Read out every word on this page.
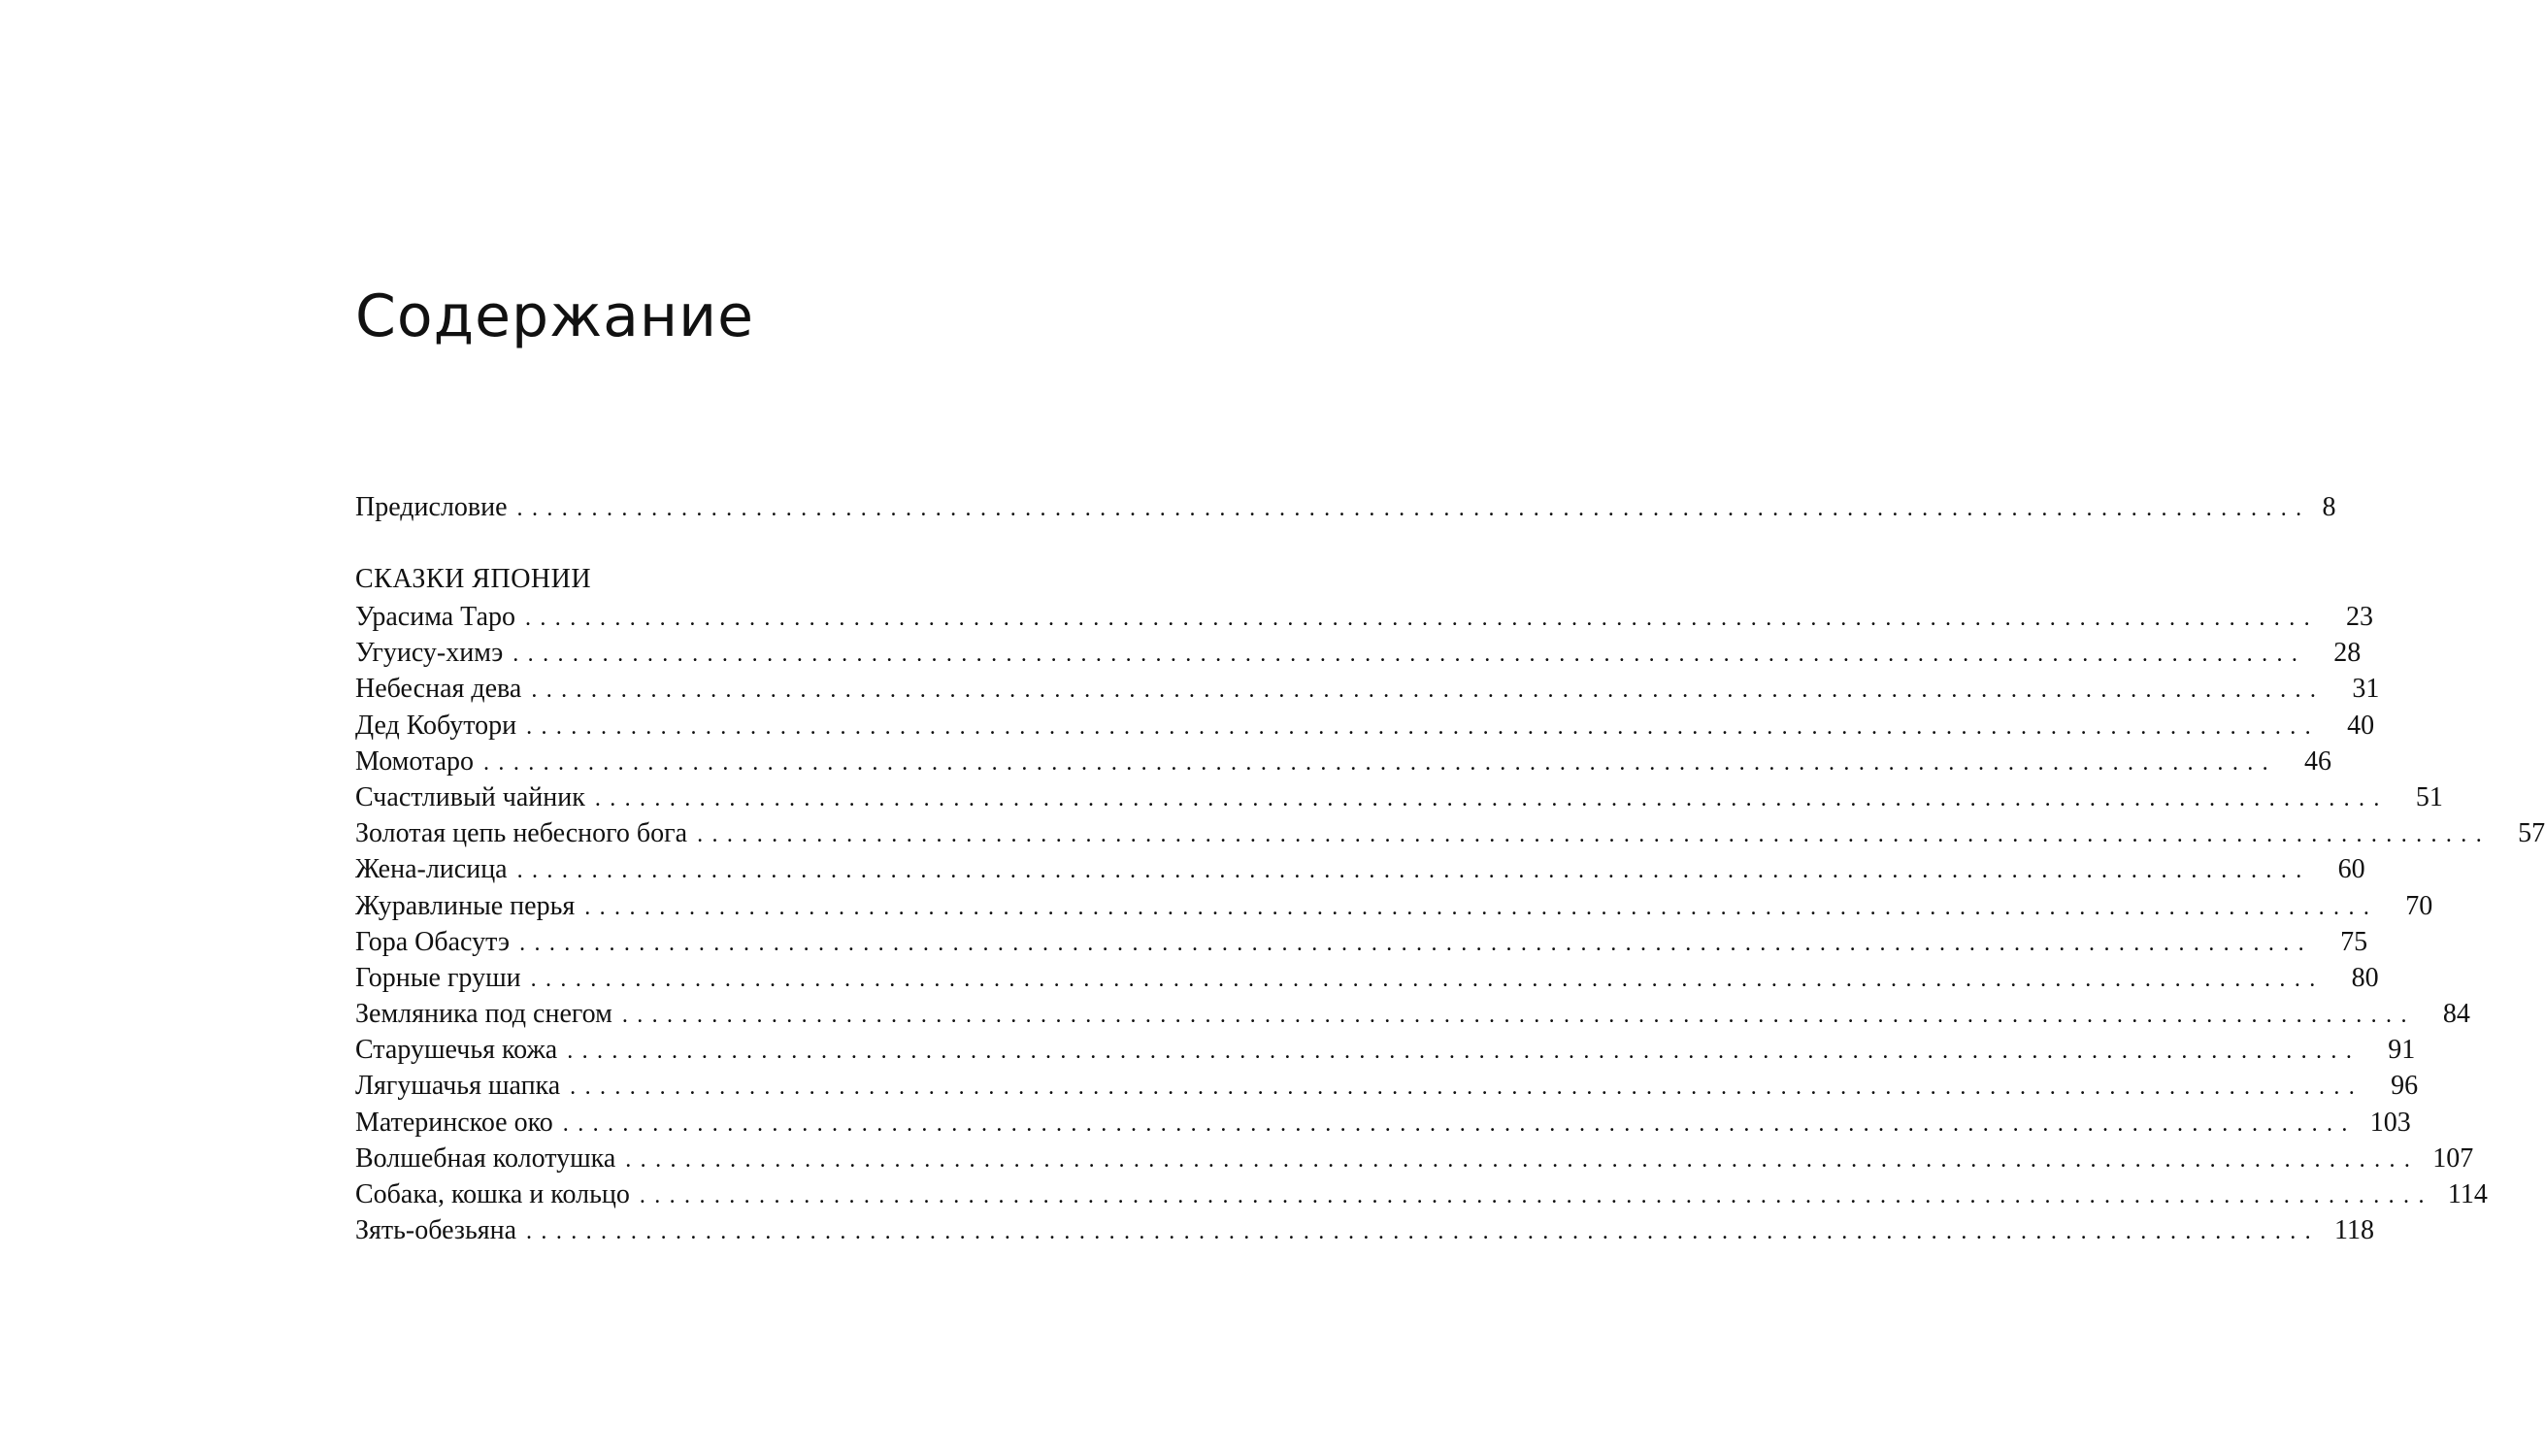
Содержание
Предисловие ........................................................................................................................ 8
СКАЗКИ ЯПОНИИ
Урасима Таро ........................................................................................................................	23
Угуису-химэ ........................................................................................................................	28
Небесная дева ........................................................................................................................	31
Дед Кобутори ........................................................................................................................	40
Момотаро ........................................................................................................................	46
Счастливый чайник ........................................................................................................................	51
Золотая цепь небесного бога ........................................................................................................................	57
Жена-лисица ........................................................................................................................	60
Журавлиные перья ........................................................................................................................	70
Гора Обасутэ ........................................................................................................................	75
Горные груши ........................................................................................................................	80
Земляника под снегом ........................................................................................................................	84
Старушечья кожа ........................................................................................................................	91
Лягушачья шапка ........................................................................................................................	96
Материнское око ........................................................................................................................ 103
Волшебная колотушка ........................................................................................................................ 107
Собака, кошка и кольцо ........................................................................................................................ 114
Зять-обезьяна ........................................................................................................................ 118
